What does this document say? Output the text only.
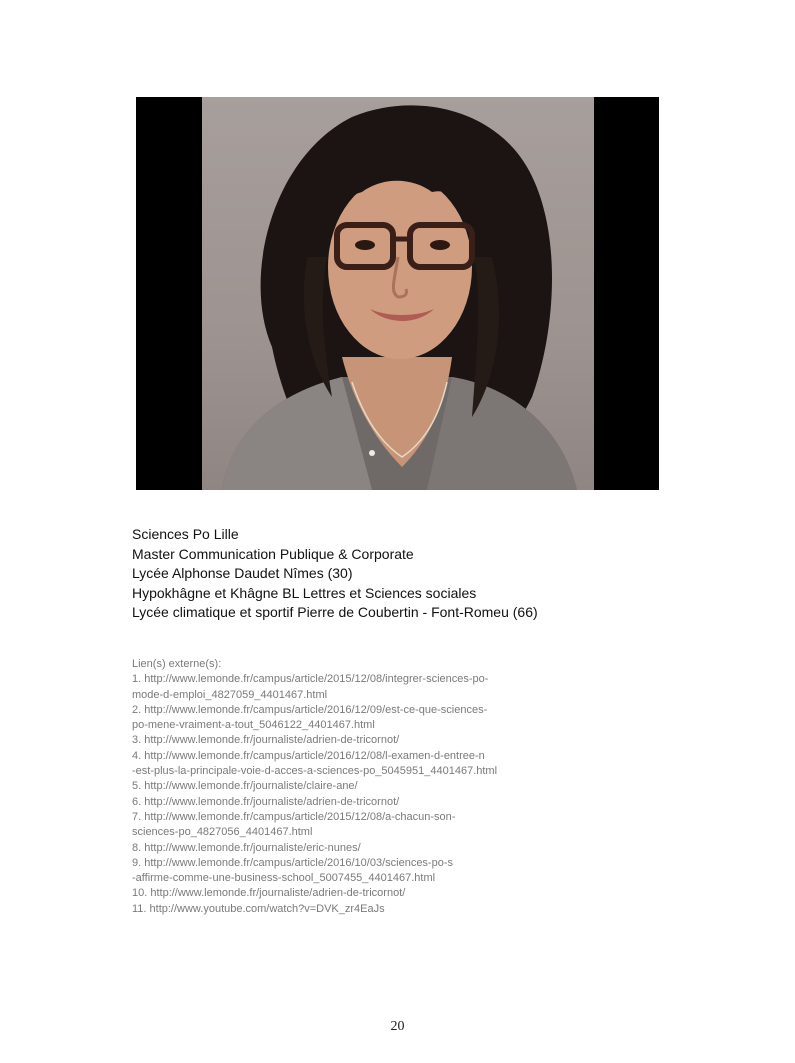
Sciences Po Lille
Master Communication Publique & Corporate
Lycée Alphonse Daudet Nîmes (30)
Hypokhâgne et Khâgne BL Lettres et Sciences sociales
Lycée climatique et sportif Pierre de Coubertin - Font-Romeu (66)
Lien(s) externe(s):
1. http://www.lemonde.fr/campus/article/2015/12/08/integrer-sciences-po-
mode-d-emploi_4827059_4401467.html
2. http://www.lemonde.fr/campus/article/2016/12/09/est-ce-que-sciences-
po-mene-vraiment-a-tout_5046122_4401467.html
3. http://www.lemonde.fr/journaliste/adrien-de-tricornot/
4. http://www.lemonde.fr/campus/article/2016/12/08/l-examen-d-entree-n
-est-plus-la-principale-voie-d-acces-a-sciences-po_5045951_4401467.html
5. http://www.lemonde.fr/journaliste/claire-ane/
6. http://www.lemonde.fr/journaliste/adrien-de-tricornot/
7. http://www.lemonde.fr/campus/article/2015/12/08/a-chacun-son-
sciences-po_4827056_4401467.html
8. http://www.lemonde.fr/journaliste/eric-nunes/
9. http://www.lemonde.fr/campus/article/2016/10/03/sciences-po-s
-affirme-comme-une-business-school_5007455_4401467.html
10. http://www.lemonde.fr/journaliste/adrien-de-tricornot/
11. http://www.youtube.com/watch?v=DVK_zr4EaJs
20
